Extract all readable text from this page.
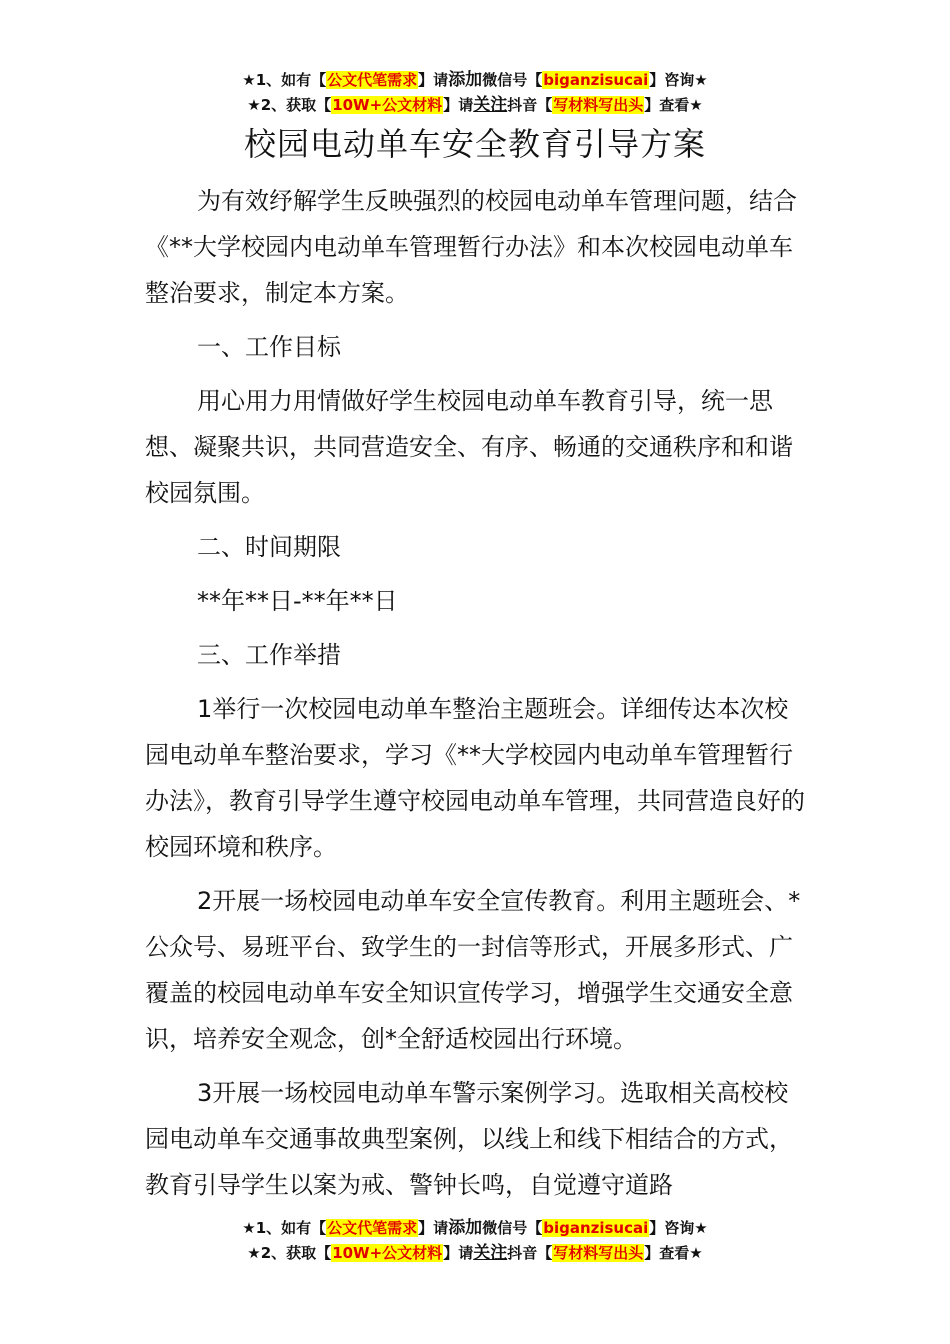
★1、如有【公文代笔需求】请添加微信号【biganzisucai】咨询★
★2、获取【10W+公文材料】请关注抖音【写材料写出头】查看★
校园电动单车安全教育引导方案

为有效纾解学生反映强烈的校园电动单车管理问题，结合《**大学校园内电动单车管理暂行办法》和本次校园电动单车整治要求，制定本方案。

一、工作目标

用心用力用情做好学生校园电动单车教育引导，统一思想、凝聚共识，共同营造安全、有序、畅通的交通秩序和和谐校园氛围。

二、时间期限

**年**日-**年**日

三、工作举措

1举行一次校园电动单车整治主题班会。详细传达本次校园电动单车整治要求，学习《**大学校园内电动单车管理暂行办法》，教育引导学生遵守校园电动单车管理，共同营造良好的校园环境和秩序。

2开展一场校园电动单车安全宣传教育。利用主题班会、*公众号、易班平台、致学生的一封信等形式，开展多形式、广覆盖的校园电动单车安全知识宣传学习，增强学生交通安全意识，培养安全观念，创*全舒适校园出行环境。

3开展一场校园电动单车警示案例学习。选取相关高校校园电动单车交通事故典型案例，以线上和线下相结合的方式，教育引导学生以案为戒、警钟长鸣，自觉遵守道路

★1、如有【公文代笔需求】请添加微信号【biganzisucai】咨询★
★2、获取【10W+公文材料】请关注抖音【写材料写出头】查看★
